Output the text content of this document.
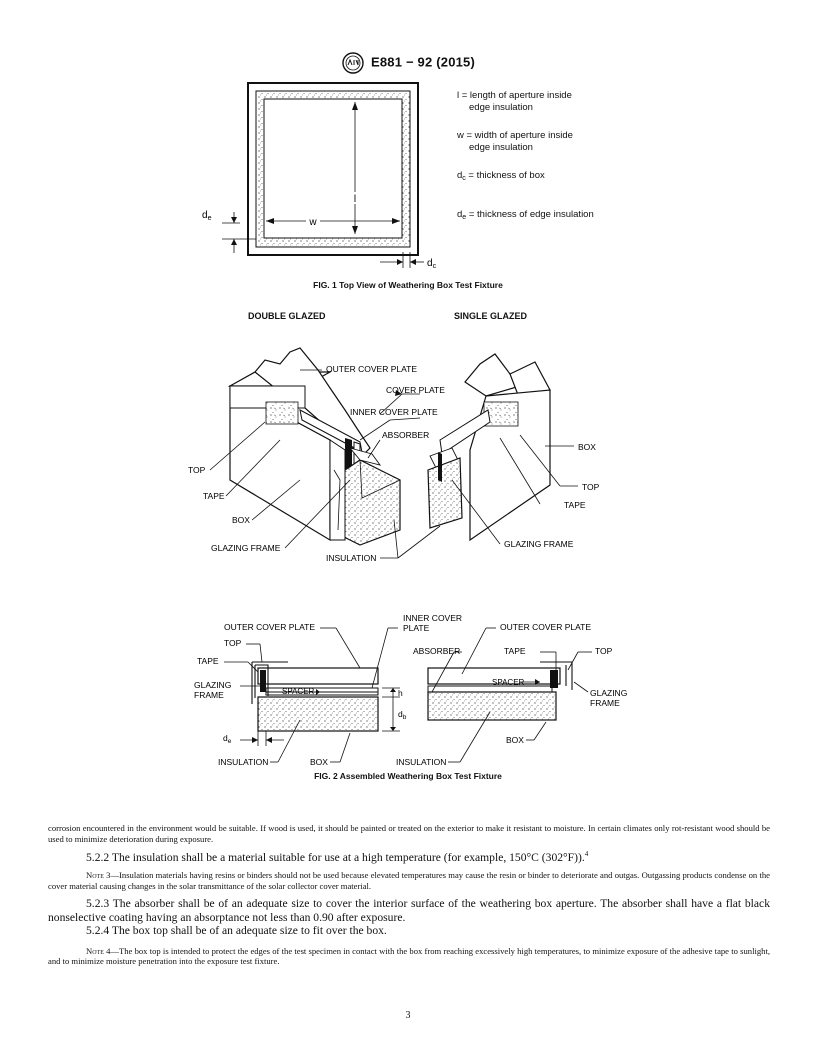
E881 − 92 (2015)
l
w
$d_e$
$d_c$
l = length of aperture inside
edge insulation
w = width of aperture inside
edge insulation
$d_c$ = thickness of box
$d_e$ = thickness of edge insulation
FIG. 1 Top View of Weathering Box Test Fixture
DOUBLE GLAZED	SINGLE GLAZED
OUTER COVER PLATE
COVER PLATE
INNER COVER PLATE
ABSORBER
BOX
TOP
TOP
TAPE
TAPE
BOX
GLAZING FRAME	GLAZING FRAME
INSULATION
OUTER COVER PLATE
INNER COVER
PLATE	OUTER COVER PLATE
TOP
TAPE
ABSORBER	TAPE	TOP
GLAZING
FRAME	SPACER
SPACER
h
$d_b$
GLAZING
FRAME
$d_e$
BOX
BOX
INSULATION	INSULATION
FIG. 2 Assembled Weathering Box Test Fixture

corrosion encountered in the environment would be suitable. If wood is used, it should be painted or treated on the exterior to make it resistant to moisture. In certain climates only rot-resistant wood should be used to minimize deterioration during exposure.

5.2.2 The insulation shall be a material suitable for use at a high temperature (for example, 150°C (302°F)).$^4$

Note 3—Insulation materials having resins or binders should not be used because elevated temperatures may cause the resin or binder to deteriorate and outgas. Outgassing products condense on the cover material causing changes in the solar transmittance of the solar collector cover material.

5.2.3 The absorber shall be of an adequate size to cover the interior surface of the weathering box aperture. The absorber shall have a flat black nonselective coating having an absorptance not less than 0.90 after exposure.

5.2.4 The box top shall be of an adequate size to fit over the box.

Note 4—The box top is intended to protect the edges of the test specimen in contact with the box from reaching excessively high temperatures, to minimize exposure of the adhesive tape to sunlight, and to minimize moisture penetration into the exposure test fixture.

3
